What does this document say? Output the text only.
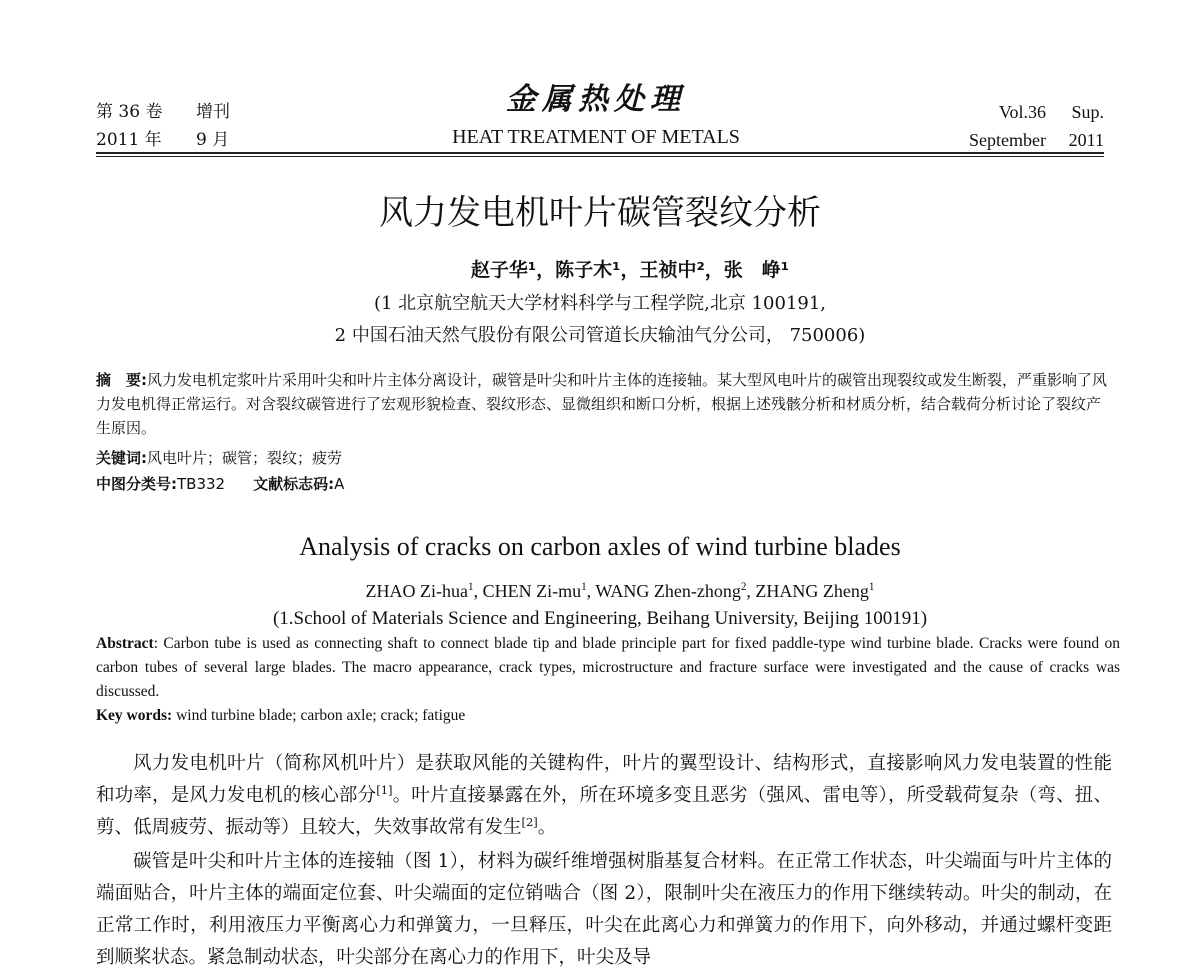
第 36 卷 增刊
2011 年 9 月
金属热处理
HEAT TREATMENT OF METALS
Vol.36 Sup.
September 2011
风力发电机叶片碳管裂纹分析
赵子华¹，陈子木¹，王祯中²，张　峥¹
(1 北京航空航天大学材料科学与工程学院,北京 100191,
2 中国石油天然气股份有限公司管道长庆输油气分公司， 750006)
摘　要:风力发电机定浆叶片采用叶尖和叶片主体分离设计，碳管是叶尖和叶片主体的连接轴。某大型风电叶片的碳管出现裂纹或发生断裂，严重影响了风力发电机得正常运行。对含裂纹碳管进行了宏观形貌检查、裂纹形态、显微组织和断口分析，根据上述残骸分析和材质分析，结合载荷分析讨论了裂纹产生原因。
关键词:风电叶片；碳管；裂纹；疲劳
中图分类号:TB332 文献标志码:A
Analysis of cracks on carbon axles of wind turbine blades
ZHAO Zi-hua$^1$, CHEN $Zi-mu^1$, WANG Zhen-zhong$^2$, ZHANG Zheng$^1$
(1.School of Materials Science and Engineering, Beihang University, Beijing 100191)
Abstract: Carbon tube is used as connecting shaft to connect blade tip and blade principle part for fixed paddle-type wind turbine blade. Cracks were found on carbon tubes of several large blades. The macro appearance, crack types, microstructure and fracture surface were investigated and the cause of cracks was discussed.
Key words: wind turbine blade; carbon axle; crack; fatigue

风力发电机叶片（简称风机叶片）是获取风能的关键构件，叶片的翼型设计、结构形式，直接影响风力发电装置的性能和功率，是风力发电机的核心部分[1]。叶片直接暴露在外，所在环境多变且恶劣（强风、雷电等），所受载荷复杂（弯、扭、剪、低周疲劳、振动等）且较大，失效事故常有发生[2]。

碳管是叶尖和叶片主体的连接轴（图 1），材料为碳纤维增强树脂基复合材料。在正常工作状态，叶尖端面与叶片主体的端面贴合，叶片主体的端面定位套、叶尖端面的定位销啮合（图 2），限制叶尖在液压力的作用下继续转动。叶尖的制动，在正常工作时，利用液压力平衡离心力和弹簧力，一旦释压，叶尖在此离心力和弹簧力的作用下，向外移动，并通过螺杆变距到顺桨状态。紧急制动状态，叶尖部分在离心力的作用下，叶尖及导
